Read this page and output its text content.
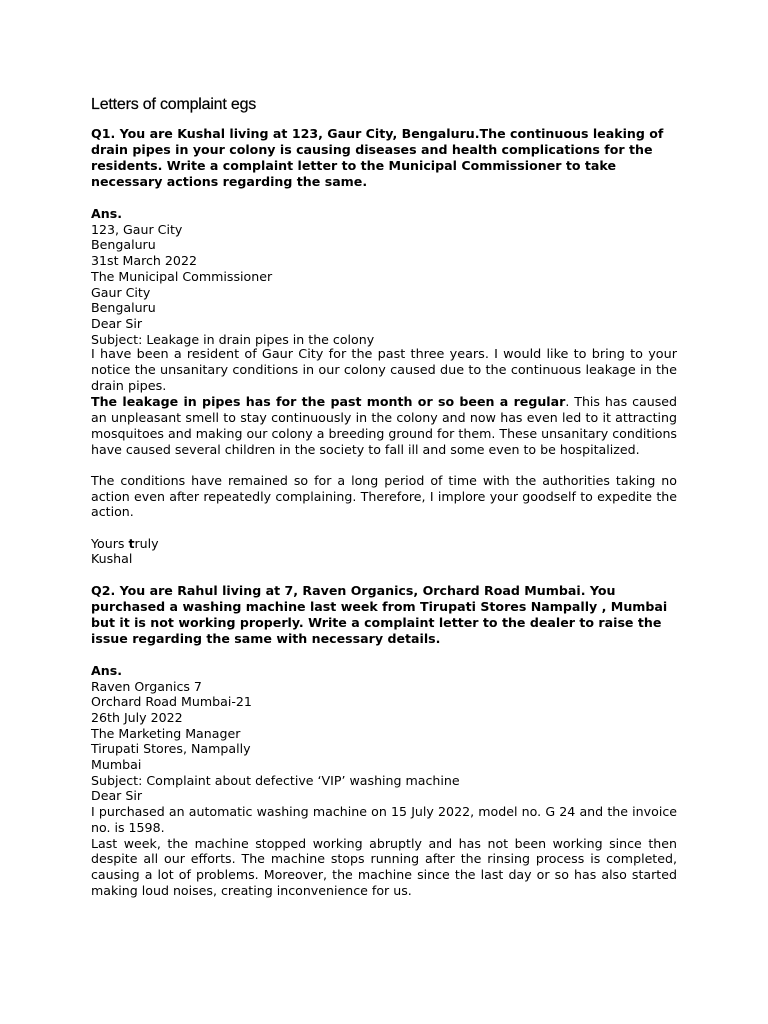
Letters of complaint egs

Q1. You are Kushal living at 123, Gaur City, Bengaluru.The continuous leaking of drain pipes in your colony is causing diseases and health complications for the residents. Write a complaint letter to the Municipal Commissioner to take necessary actions regarding the same.

Ans.
123, Gaur City
Bengaluru
31st March 2022
The Municipal Commissioner
Gaur City
Bengaluru
Dear Sir
Subject: Leakage in drain pipes in the colony

I have been a resident of Gaur City for the past three years. I would like to bring to your notice the unsanitary conditions in our colony caused due to the continuous leakage in the drain pipes.

The leakage in pipes has for the past month or so been a regular. This has caused an unpleasant smell to stay continuously in the colony and now has even led to it attracting mosquitoes and making our colony a breeding ground for them. These unsanitary conditions have caused several children in the society to fall ill and some even to be hospitalized.

The conditions have remained so for a long period of time with the authorities taking no action even after repeatedly complaining. Therefore, I implore your goodself to expedite the action.

Yours truly
Kushal

Q2. You are Rahul living at 7, Raven Organics, Orchard Road Mumbai. You purchased a washing machine last week from Tirupati Stores Nampally , Mumbai but it is not working properly. Write a complaint letter to the dealer to raise the issue regarding the same with necessary details.

Ans.
Raven Organics 7
Orchard Road Mumbai-21
26th July 2022
The Marketing Manager
Tirupati Stores, Nampally
Mumbai
Subject: Complaint about defective ‘VIP’ washing machine
Dear Sir

I purchased an automatic washing machine on 15 July 2022, model no. G 24 and the invoice no. is 1598.

Last week, the machine stopped working abruptly and has not been working since then despite all our efforts. The machine stops running after the rinsing process is completed, causing a lot of problems. Moreover, the machine since the last day or so has also started making loud noises, creating inconvenience for us.
